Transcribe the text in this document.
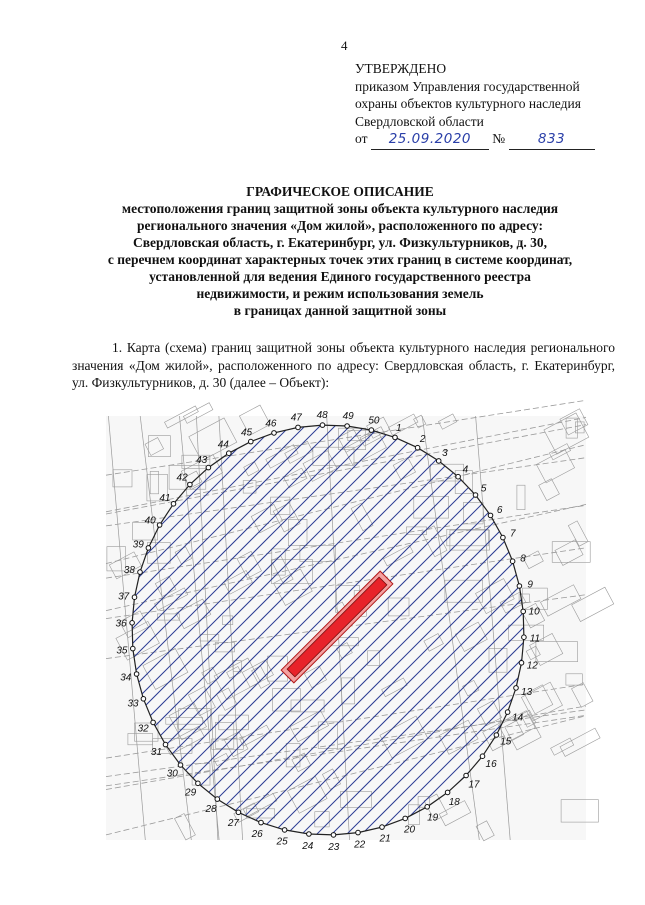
4
УТВЕРЖДЕНО
приказом Управления государственной
охраны объектов культурного наследия
Свердловской области
от 25.09.2020 № 833
ГРАФИЧЕСКОЕ ОПИСАНИЕ
местоположения границ защитной зоны объекта культурного наследия
регионального значения «Дом жилой», расположенного по адресу:
Свердловская область, г. Екатеринбург, ул. Физкультурников, д. 30,
с перечнем координат характерных точек этих границ в системе координат,
установленной для ведения Единого государственного реестра
недвижимости, и режим использования земель
в границах данной защитной зоны
1. Карта (схема) границ защитной зоны объекта культурного наследия регионального значения «Дом жилой», расположенного по адресу: Свердловская область, г. Екатеринбург, ул. Физкультурников, д. 30 (далее – Объект):
1
2
3
4
5
6
7
8
9
10
11
12
13
14
15
16
17
18
19
20
21
22
23
24
25
26
27
28
29
30
31
32
33
34
35
36
37
38
39
40
41
42
43
44
45
46
47 48 49 50
